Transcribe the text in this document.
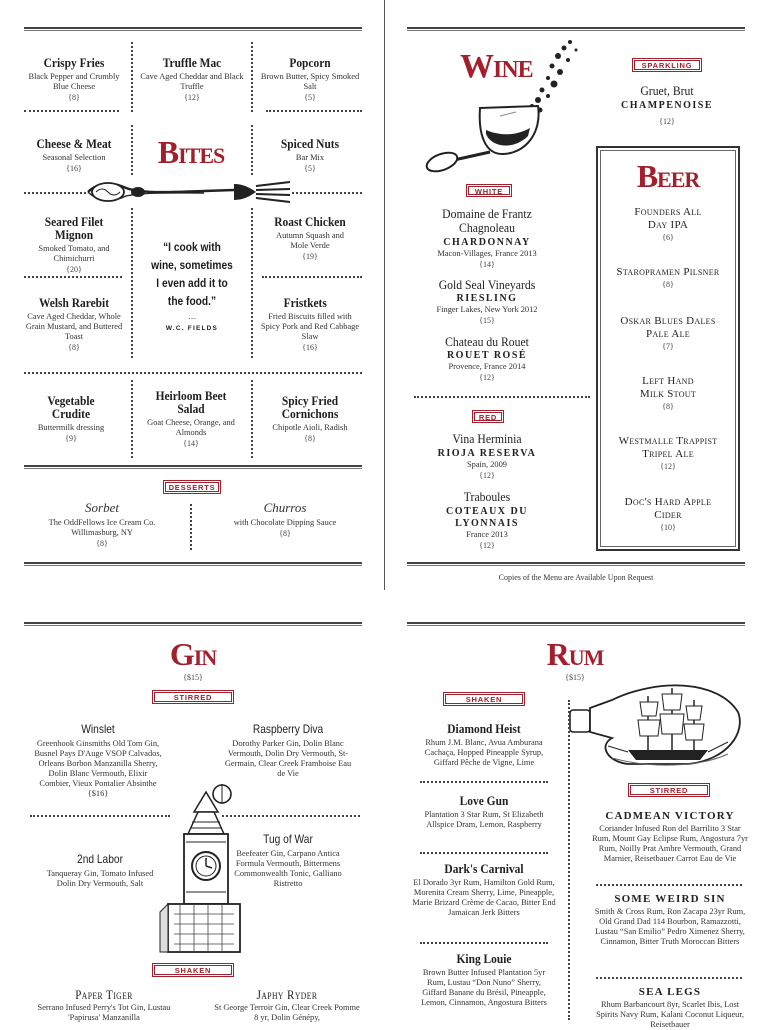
Crispy Fries
Black Pepper and Crumbly Blue Cheese
{8}
Truffle Mac
Cave Aged Cheddar and Black Truffle
{12}
Popcorn
Brown Butter, Spicy Smoked Salt
{5}
Cheese & Meat
Seasonal Selection
{16}	Bites	Spiced Nuts
Bar Mix
{5}
Seared Filet Mignon
Smoked Tomato, and Chimichurri
{20}
Roast Chicken
Autumn Squash and Mole Verde
{19}
“I cook with wine, sometimes I even add it to the food.”
…
W.C. FIELDS
Welsh Rarebit
Cave Aged Cheddar, Whole Grain Mustard, and Buttered Toast
{8}
Fristkets
Fried Biscuits filled with Spicy Pork and Red Cabbage Slaw
{16}
Vegetable Crudite
Buttermilk dressing
{9}
Heirloom Beet Salad
Goat Cheese, Orange, and Almonds
{14}
Spicy Fried Cornichons
Chipotle Aioli, Radish
{8}
DESSERTS
Sorbet
The OddFellows Ice Cream Co. Willimasburg, NY
{8}
Churros
with Chocolate Dipping Sauce
{8}
Wine
WHITE
Domaine de Frantz Chagnoleau
CHARDONNAY
Macon-Villages, France 2013
{14}
Gold Seal Vineyards
RIESLING
Finger Lakes, New York 2012
{15}
Chateau du Rouet
ROUET ROSÉ
Provence, France 2014
{12}
RED
Vina Herminia
RIOJA RESERVA
Spain, 2009
{12}
Traboules
COTEAUX DU LYONNAIS
France 2013
{12}
SPARKLING
Gruet, Brut
CHAMPENOISE
{12}
Beer
Founders All Day IPA
{6}
Staropramen Pilsner
{8}
Oskar Blues Dales Pale Ale
{7}
Left Hand Milk Stout
{8}
Westmalle Trappist Tripel Ale
{12}
Doc's Hard Apple Cider
{10}
Copies of the Menu are Available Upon Request
Gin
{$15}
STIRRED
Winslet
Greenhook Ginsmiths Old Tom Gin, Busnel Pays D'Auge VSOP Calvados, Orleans Borbon Manzanilla Sherry, Dolin Blanc Vermouth, Elixir Combier, Vieux Pontalier Absinthe {$16}
Raspberry Diva
Dorothy Parker Gin, Dolin Blanc Vermouth, Dolin Dry Vermouth, St-Germain, Clear Creek Framboise Eau de Vie
Tug of War
Beefeater Gin, Carpano Antica Formula Vermouth, Bittermens Commonwealth Tonic, Galliano Ristretto
2nd Labor
Tanqueray Gin, Tomato Infused Dolin Dry Vermouth, Salt
SHAKEN
Paper Tiger
Serrano Infused Perry's Tot Gin, Lustau 'Papirusa' Manzanilla
Japhy Ryder
St George Terroir Gin, Clear Creek Pomme 8 yr, Dolin Génépy,
Rum
{$15}
SHAKEN
Diamond Heist
Rhum J.M. Blanc, Avua Amburana Cachaça, Hopped Pineapple Syrup, Giffard Pêche de Vigne, Lime
Love Gun
Plantation 3 Star Rum, St Elizabeth Allspice Dram, Lemon, Raspberry
Dark's Carnival
El Dorado 3yr Rum, Hamilton Gold Rum, Morenita Cream Sherry, Lime, Pineapple, Marie Brizard Crème de Cacao, Bitter End Jamaican Jerk Bitters
King Louie
Brown Butter Infused Plantation 5yr Rum, Lustau “Don Nuno” Sherry, Giffard Banane du Brésil, Pineapple, Lemon, Cinnamon, Angostura Bitters
STIRRED
CADMEAN VICTORY
Coriander Infused Ron del Barrilito 3 Star Rum, Mount Gay Eclipse Rum, Angostura 7yr Rum, Noilly Prat Ambre Vermouth, Grand Marnier, Reisetbauer Carrot Eau de Vie
SOME WEIRD SIN
Smith & Cross Rum, Ron Zacapa 23yr Rum, Old Grand Dad 114 Bourbon, Ramazzotti, Lustau “San Emilio” Pedro Ximenez Sherry, Cinnamon, Bitter Truth Moroccan Bitters
SEA LEGS
Rhum Barbancourt 8yr, Scarlet Ibis, Lost Spirits Navy Rum, Kalani Coconut Liqueur, Reisetbauer
